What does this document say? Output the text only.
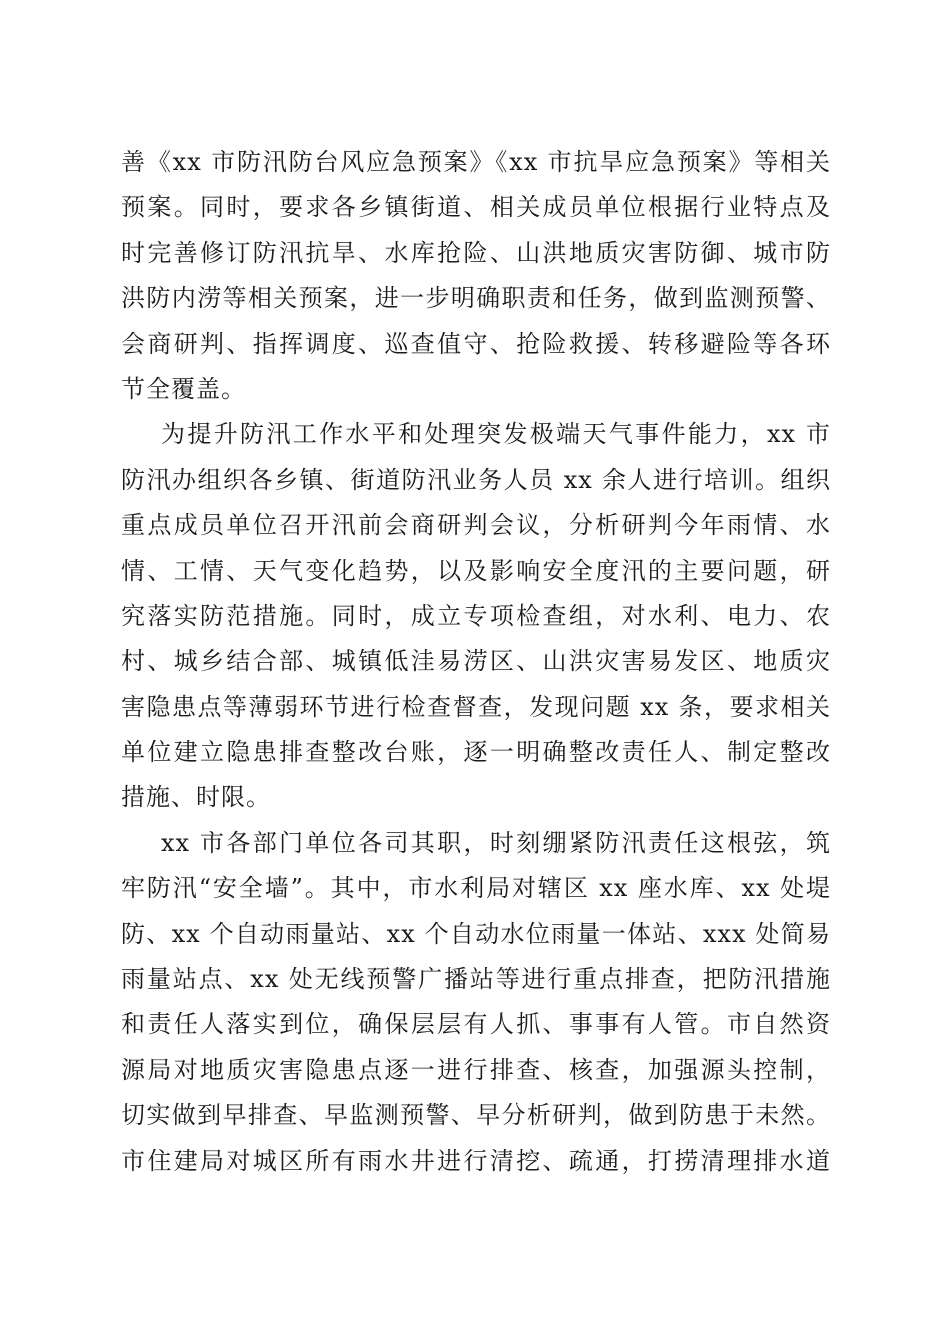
善《xx 市防汛防台风应急预案》《xx 市抗旱应急预案》等相关
预案。同时，要求各乡镇街道、相关成员单位根据行业特点及
时完善修订防汛抗旱、水库抢险、山洪地质灾害防御、城市防
洪防内涝等相关预案，进一步明确职责和任务，做到监测预警、
会商研判、指挥调度、巡查值守、抢险救援、转移避险等各环
节全覆盖。
为提升防汛工作水平和处理突发极端天气事件能力，xx 市
防汛办组织各乡镇、街道防汛业务人员 xx 余人进行培训。组织
重点成员单位召开汛前会商研判会议，分析研判今年雨情、水
情、工情、天气变化趋势，以及影响安全度汛的主要问题，研
究落实防范措施。同时，成立专项检查组，对水利、电力、农
村、城乡结合部、城镇低洼易涝区、山洪灾害易发区、地质灾
害隐患点等薄弱环节进行检查督查，发现问题 xx 条，要求相关
单位建立隐患排查整改台账，逐一明确整改责任人、制定整改
措施、时限。
xx 市各部门单位各司其职，时刻绷紧防汛责任这根弦，筑
牢防汛“安全墙”。其中，市水利局对辖区 xx 座水库、xx 处堤
防、xx 个自动雨量站、xx 个自动水位雨量一体站、xxx 处简易
雨量站点、xx 处无线预警广播站等进行重点排查，把防汛措施
和责任人落实到位，确保层层有人抓、事事有人管。市自然资
源局对地质灾害隐患点逐一进行排查、核查，加强源头控制，
切实做到早排查、早监测预警、早分析研判，做到防患于未然。
市住建局对城区所有雨水井进行清挖、疏通，打捞清理排水道
